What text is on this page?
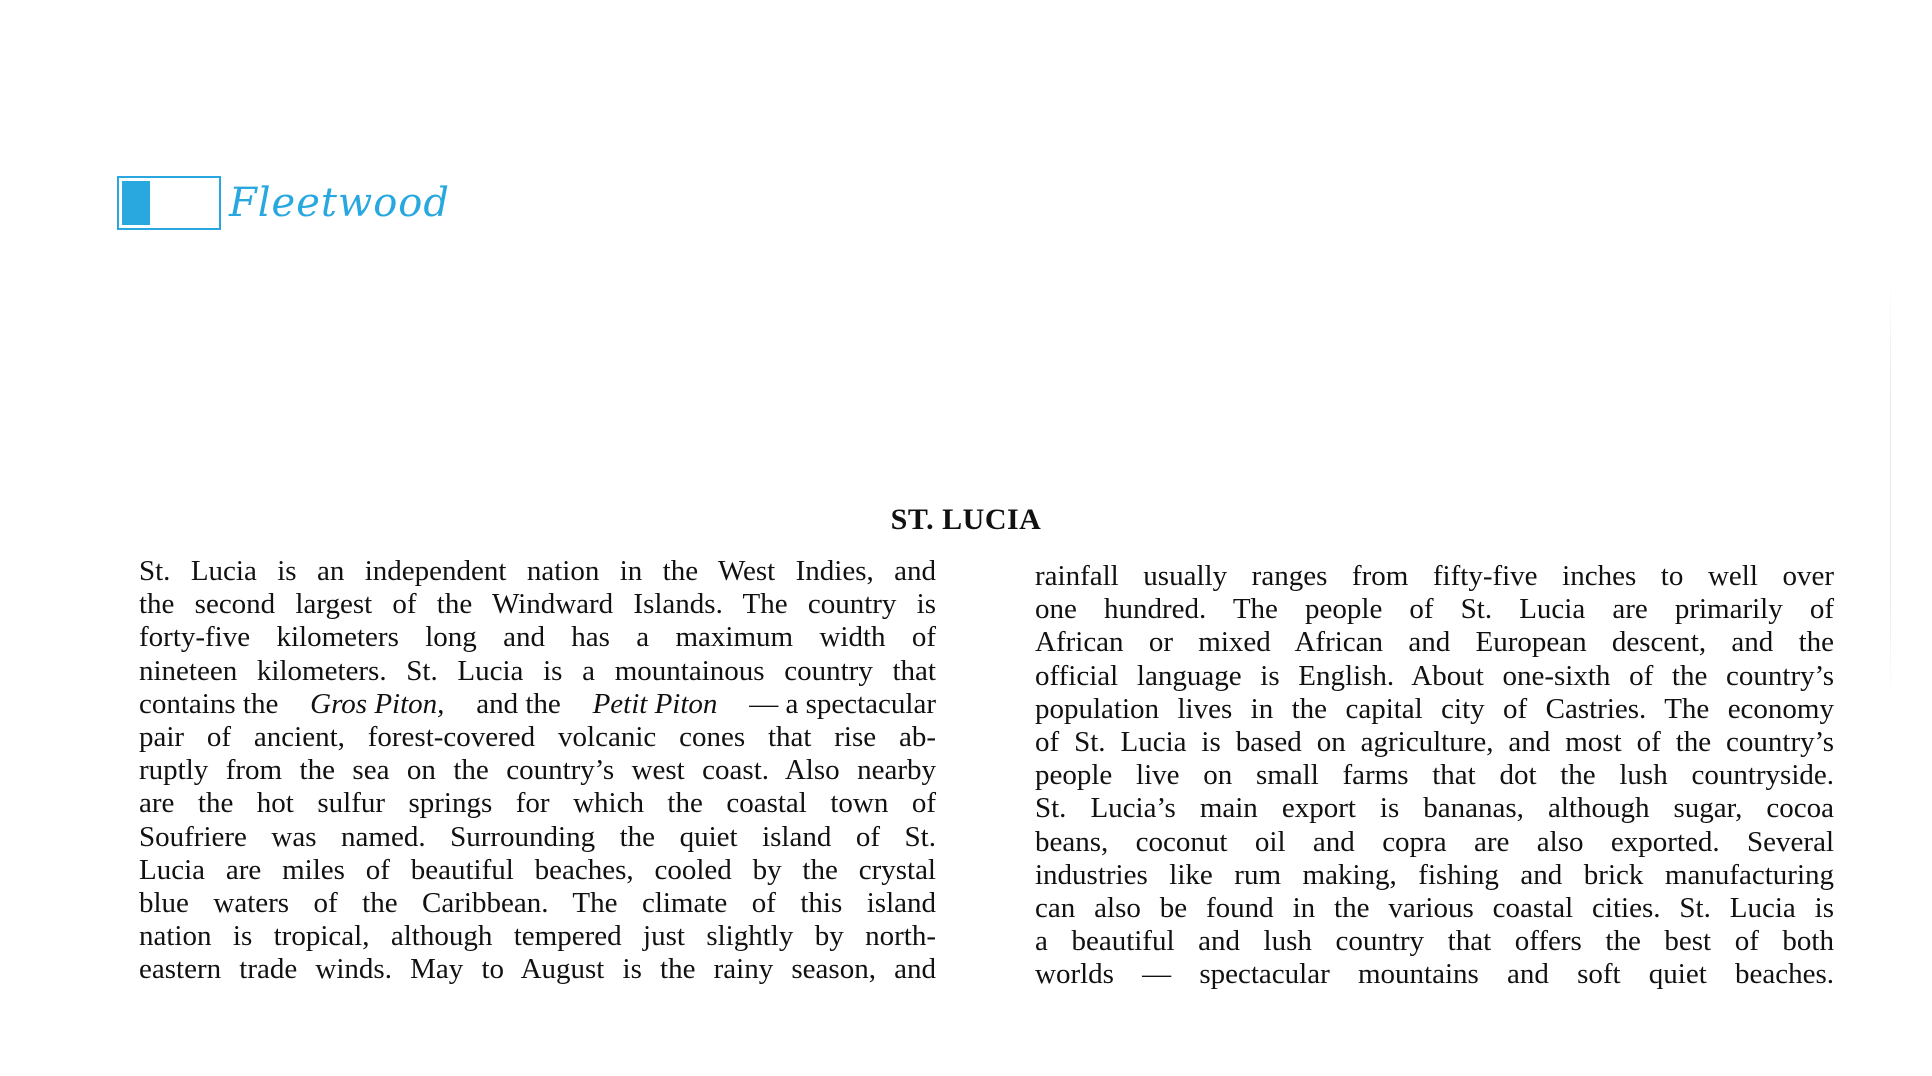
Fleetwood
ST. LUCIA
St. Lucia is an independent nation in the West Indies, and
the second largest of the Windward Islands. The country is
forty-five kilometers long and has a maximum width of
nineteen kilometers. St. Lucia is a mountainous country that
contains the Gros Piton, and the Petit Piton — a spectacular
pair of ancient, forest-covered volcanic cones that rise ab-
ruptly from the sea on the country’s west coast. Also nearby
are the hot sulfur springs for which the coastal town of
Soufriere was named. Surrounding the quiet island of St.
Lucia are miles of beautiful beaches, cooled by the crystal
blue waters of the Caribbean. The climate of this island
nation is tropical, although tempered just slightly by north-
eastern trade winds. May to August is the rainy season, and
rainfall usually ranges from fifty-five inches to well over
one hundred. The people of St. Lucia are primarily of
African or mixed African and European descent, and the
official language is English. About one-sixth of the country’s
population lives in the capital city of Castries. The economy
of St. Lucia is based on agriculture, and most of the country’s
people live on small farms that dot the lush countryside.
St. Lucia’s main export is bananas, although sugar, cocoa
beans, coconut oil and copra are also exported. Several
industries like rum making, fishing and brick manufacturing
can also be found in the various coastal cities. St. Lucia is
a beautiful and lush country that offers the best of both
worlds — spectacular mountains and soft quiet beaches.
